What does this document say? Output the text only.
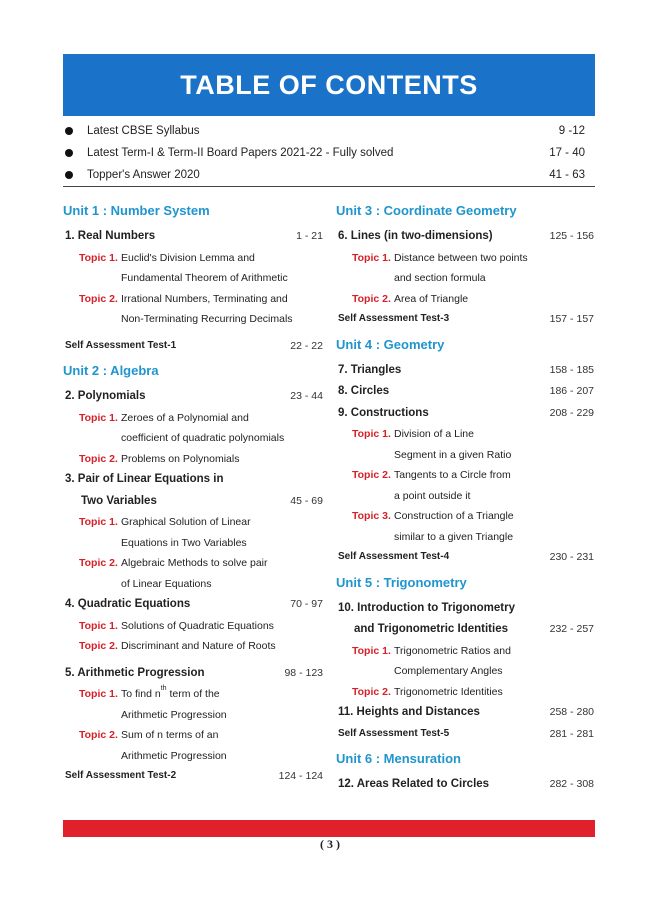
TABLE OF CONTENTS
Latest CBSE Syllabus	9 -12
Latest Term-I & Term-II Board Papers 2021-22 - Fully solved	17 - 40
Topper's Answer 2020	41 - 63
Unit 1 : Number System
1. Real Numbers	1 - 21
Topic 1. Euclid's Division Lemma and
Fundamental Theorem of Arithmetic
Topic 2. Irrational Numbers, Terminating and
Non-Terminating Recurring Decimals
Self Assessment Test-1	22 - 22
Unit 2 : Algebra
2. Polynomials	23 - 44
Topic 1. Zeroes of a Polynomial and
coefficient of quadratic polynomials
Topic 2. Problems on Polynomials
3. Pair of Linear Equations in
Two Variables	45 - 69
Topic 1. Graphical Solution of Linear
Equations in Two Variables
Topic 2. Algebraic Methods to solve pair
of Linear Equations
4. Quadratic Equations	70 - 97
Topic 1. Solutions of Quadratic Equations
Topic 2. Discriminant and Nature of Roots
5. Arithmetic Progression	98 - 123
Topic 1. To find $n^{th}$ term of the
Arithmetic Progression
Topic 2. Sum of n terms of an
Arithmetic Progression
Self Assessment Test-2	124 - 124
Unit 3 : Coordinate Geometry
6. Lines (in two-dimensions)	125 - 156
Topic 1. Distance between two points
and section formula
Topic 2. Area of Triangle
Self Assessment Test-3	157 - 157
Unit 4 : Geometry
7. Triangles	158 - 185
8. Circles	186 - 207
9. Constructions	208 - 229
Topic 1. Division of a Line
Segment in a given Ratio
Topic 2. Tangents to a Circle from
a point outside it
Topic 3. Construction of a Triangle
similar to a given Triangle
Self Assessment Test-4	230 - 231
Unit 5 : Trigonometry
10. Introduction to Trigonometry
and Trigonometric Identities	232 - 257
Topic 1. Trigonometric Ratios and
Complementary Angles
Topic 2. Trigonometric Identities
11. Heights and Distances	258 - 280
Self Assessment Test-5	281 - 281
Unit 6 : Mensuration
12. Areas Related to Circles	282 - 308
( 3 )
